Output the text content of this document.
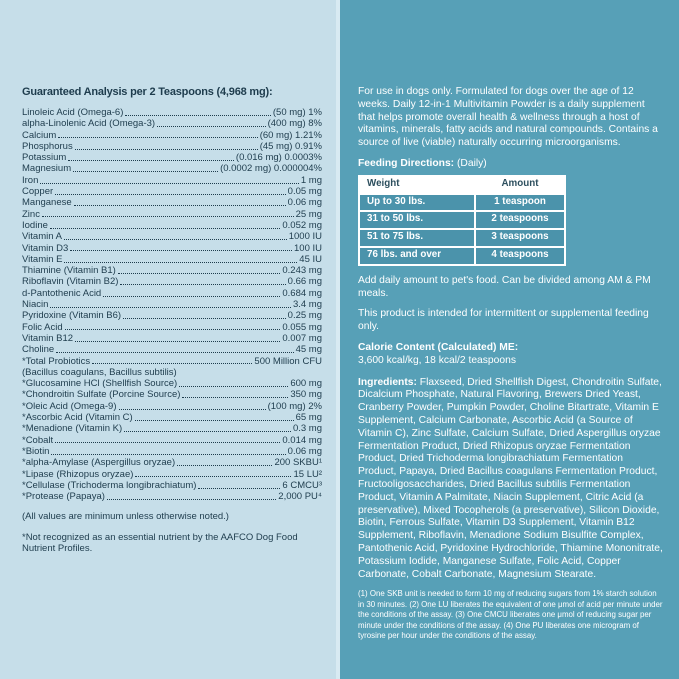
Guaranteed Analysis per 2 Teaspoons (4,968 mg):
Linoleic Acid (Omega-6)	(50 mg) 1%
alpha-Linolenic Acid (Omega-3)	(400 mg) 8%
Calcium	(60 mg) 1.21%
Phosphorus	(45 mg) 0.91%
Potassium	(0.016 mg) 0.0003%
Magnesium	(0.0002 mg) 0.000004%
Iron	1 mg
Copper	0.05 mg
Manganese	0.06 mg
Zinc	25 mg
Iodine	0.052 mg
Vitamin A	1000 IU
Vitamin D3	100 IU
Vitamin E	45 IU
Thiamine (Vitamin B1)	0.243 mg
Riboflavin (Vitamin B2)	0.66 mg
d-Pantothenic Acid	0.684 mg
Niacin	3.4 mg
Pyridoxine (Vitamin B6)	0.25 mg
Folic Acid	0.055 mg
Vitamin B12	0.007 mg
Choline	45 mg
*Total Probiotics	500 Million CFU
(Bacillus coagulans, Bacillus subtilis)
*Glucosamine HCl (Shellfish Source)	600 mg
*Chondroitin Sulfate (Porcine Source)	350 mg
*Oleic Acid (Omega-9)	(100 mg) 2%
*Ascorbic Acid (Vitamin C)	65 mg
*Menadione (Vitamin K)	0.3 mg
*Cobalt	0.014 mg
*Biotin	0.06 mg
*alpha-Amylase (Aspergillus oryzae)	200 SKBU¹
*Lipase (Rhizopus oryzae)	15 LU²
*Cellulase (Trichoderma longibrachiatum)	6 CMCU³
*Protease (Papaya)	2,000 PU⁴

(All values are minimum unless otherwise noted.)

*Not recognized as an essential nutrient by the AAFCO Dog Food Nutrient Profiles.

For use in dogs only. Formulated for dogs over the age of 12 weeks. Daily 12-in-1 Multivitamin Powder is a daily supplement that helps promote overall health & wellness through a host of vitamins, minerals, fatty acids and natural compounds. Contains a source of live (viable) naturally occurring microorganisms.

Feeding Directions: (Daily)

Weight	Amount
Up to 30 lbs.	1 teaspoon
31 to 50 lbs.	2 teaspoons
51 to 75 lbs.	3 teaspoons
76 lbs. and over	4 teaspoons

Add daily amount to pet's food. Can be divided among AM & PM meals.

This product is intended for intermittent or supplemental feeding only.

Calorie Content (Calculated) ME:

3,600 kcal/kg, 18 kcal/2 teaspoons

Ingredients: Flaxseed, Dried Shellfish Digest, Chondroitin Sulfate, Dicalcium Phosphate, Natural Flavoring, Brewers Dried Yeast, Cranberry Powder, Pumpkin Powder, Choline Bitartrate, Vitamin E Supplement, Calcium Carbonate, Ascorbic Acid (a Source of Vitamin C), Zinc Sulfate, Calcium Sulfate, Dried Aspergillus oryzae Fermentation Product, Dried Rhizopus oryzae Fermentation Product, Dried Trichoderma longibrachiatum Fermentation Product, Papaya, Dried Bacillus coagulans Fermentation Product, Fructooligosaccharides, Dried Bacillus subtilis Fermentation Product, Vitamin A Palmitate, Niacin Supplement, Citric Acid (a preservative), Mixed Tocopherols (a preservative), Silicon Dioxide, Biotin, Ferrous Sulfate, Vitamin D3 Supplement, Vitamin B12 Supplement, Riboflavin, Menadione Sodium Bisulfite Complex, Pantothenic Acid, Pyridoxine Hydrochloride, Thiamine Mononitrate, Potassium Iodide, Manganese Sulfate, Folic Acid, Copper Carbonate, Cobalt Carbonate, Magnesium Stearate.

(1) One SKB unit is needed to form 10 mg of reducing sugars from 1% starch solution in 30 minutes. (2) One LU liberates the equivalent of one μmol of acid per minute under the conditions of the assay. (3) One CMCU liberates one μmol of reducing sugar per minute under the conditions of the assay. (4) One PU liberates one microgram of tyrosine per hour under the conditions of the assay.
